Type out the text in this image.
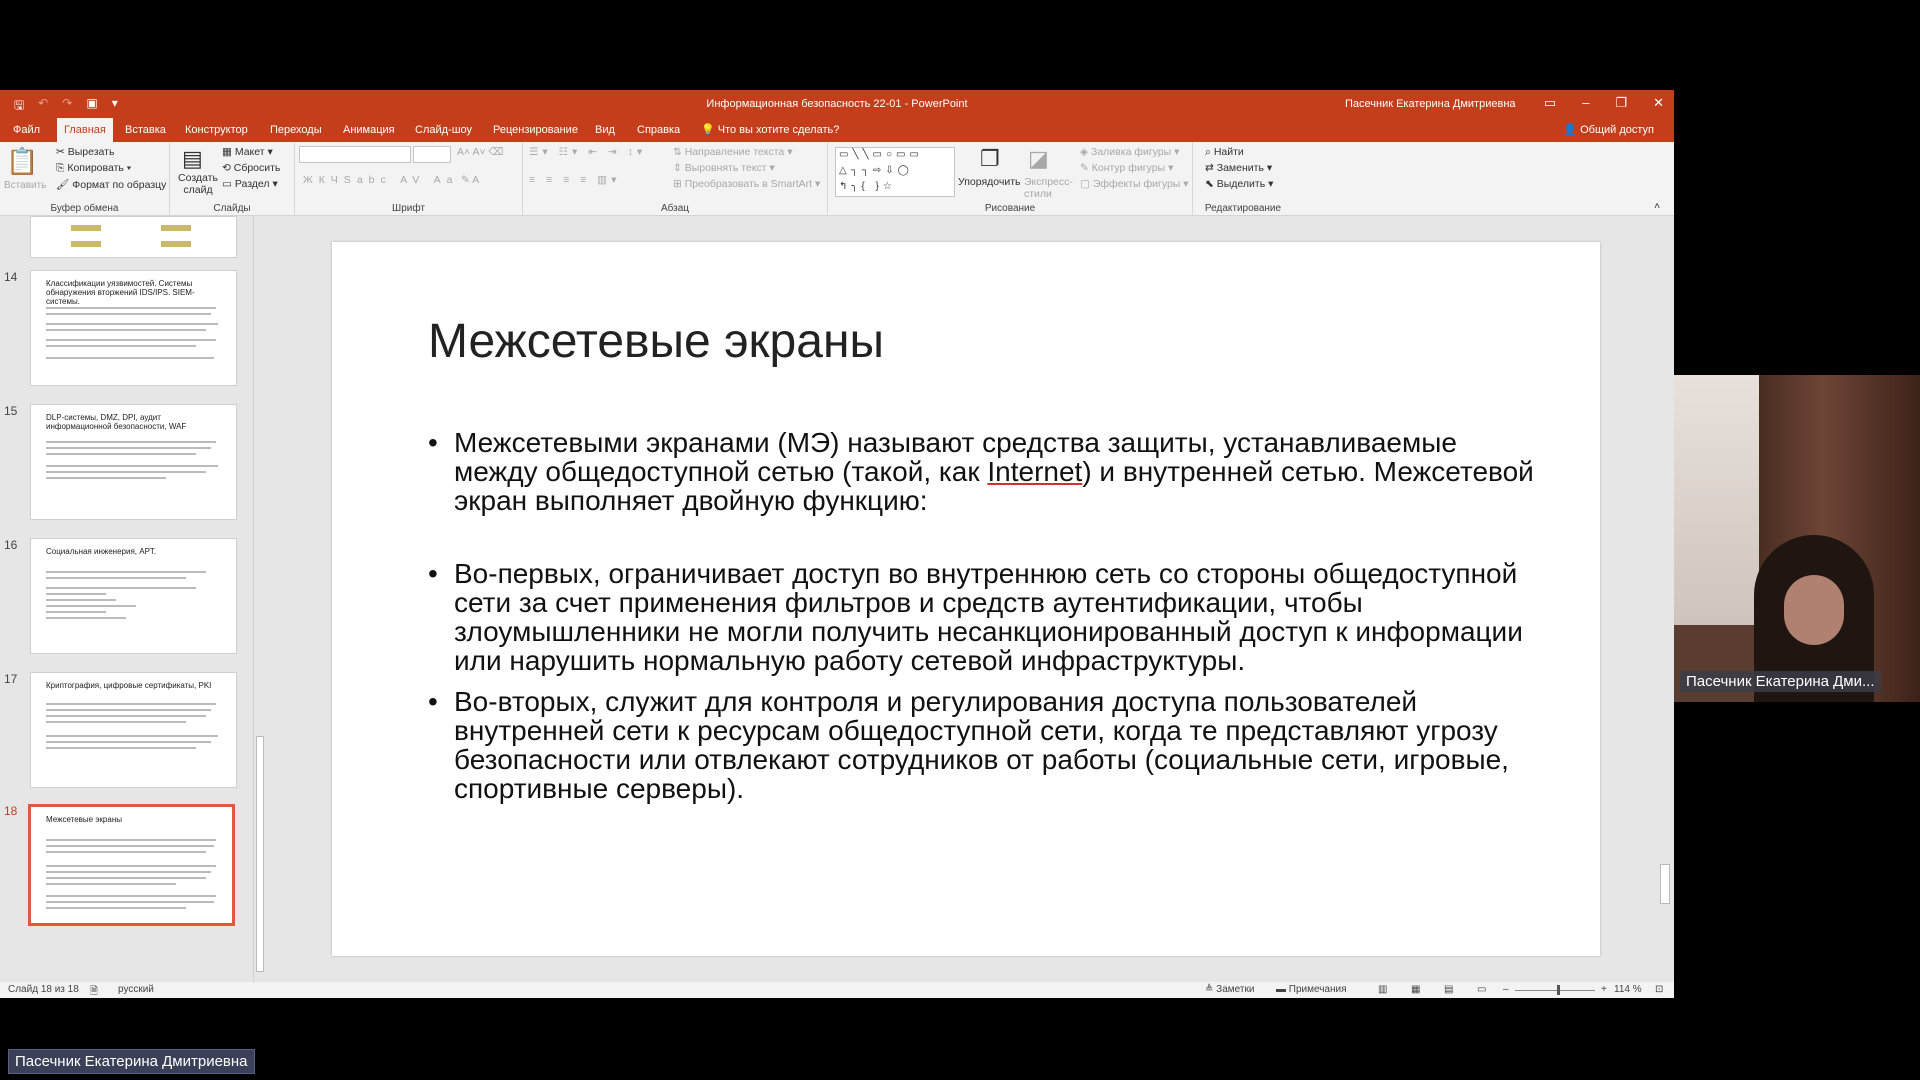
🖫 ↶ ↷ ▣ ▾	Информационная безопасность 22-01 - PowerPoint	Пасечник Екатерина Дмитриевна ▭ – ❐ ✕
Файл	Главная	Вставка	Конструктор	Переходы	Анимация	Слайд-шоу	Рецензирование	Вид	Справка	💡 Что вы хотите сделать?	👤 Общий доступ
📋
Вставить
✂ Вырезать
⎘ Копировать ▾
🖌 Формат по образцу
Буфер обмена
▤
Создать слайд
▦ Макет ▾
⟲ Сбросить
▭ Раздел ▾
Слайды
A˄ A˅ ⌫
ЖКЧSabc AV Aa ✎ A
Шрифт
☰▾ ☷▾ ⇤ ⇥ ↕▾
≡ ≡ ≡ ≡ ▥▾
⇅ Направление текста ▾
⇕ Выровнять текст ▾
⊞ Преобразовать в SmartArt ▾
Абзац
▭╲╲▭○▭▭
△┐┐⇨⇩◯
↰╮{ }☆
❐
Упорядочить
◪
Экспресс-стили
◈ Заливка фигуры ▾
✎ Контур фигуры ▾
▢ Эффекты фигуры ▾
Рисование
⌕ Найти
⇄ Заменить ▾
⬉ Выделить ▾
Редактирование	˄
14	Классификации уязвимостей. Системы обнаружения вторжений IDS/IPS. SIEM-системы.
15	DLP-системы, DMZ, DPI, аудит информационной безопасности, WAF
16	Социальная инженерия, APT.
17	Криптография, цифровые сертификаты, PKI
18
Межсетевые экраны
Межсетевые экраны
• Межсетевыми экранами (МЭ) называют средства защиты, устанавливаемые между общедоступной сетью (такой, как Internet) и внутренней сетью. Межсетевой экран выполняет двойную функцию:
• Во-первых, ограничивает доступ во внутреннюю сеть со стороны общедоступной сети за счет применения фильтров и средств аутентификации, чтобы злоумышленники не могли получить несанкционированный доступ к информации или нарушить нормальную работу сетевой инфраструктуры.
• Во-вторых, служит для контроля и регулирования доступа пользователей внутренней сети к ресурсам общедоступной сети, когда те представляют угрозу безопасности или отвлекают сотрудников от работы (социальные сети, игровые, спортивные серверы).
Слайд 18 из 18 🗎 русский	≜ Заметки ▬ Примечания	▥ ▦ ▤ ▭ –	+ 114 % ⊡
Пасечник Екатерина Дми...
Пасечник Екатерина Дмитриевна
